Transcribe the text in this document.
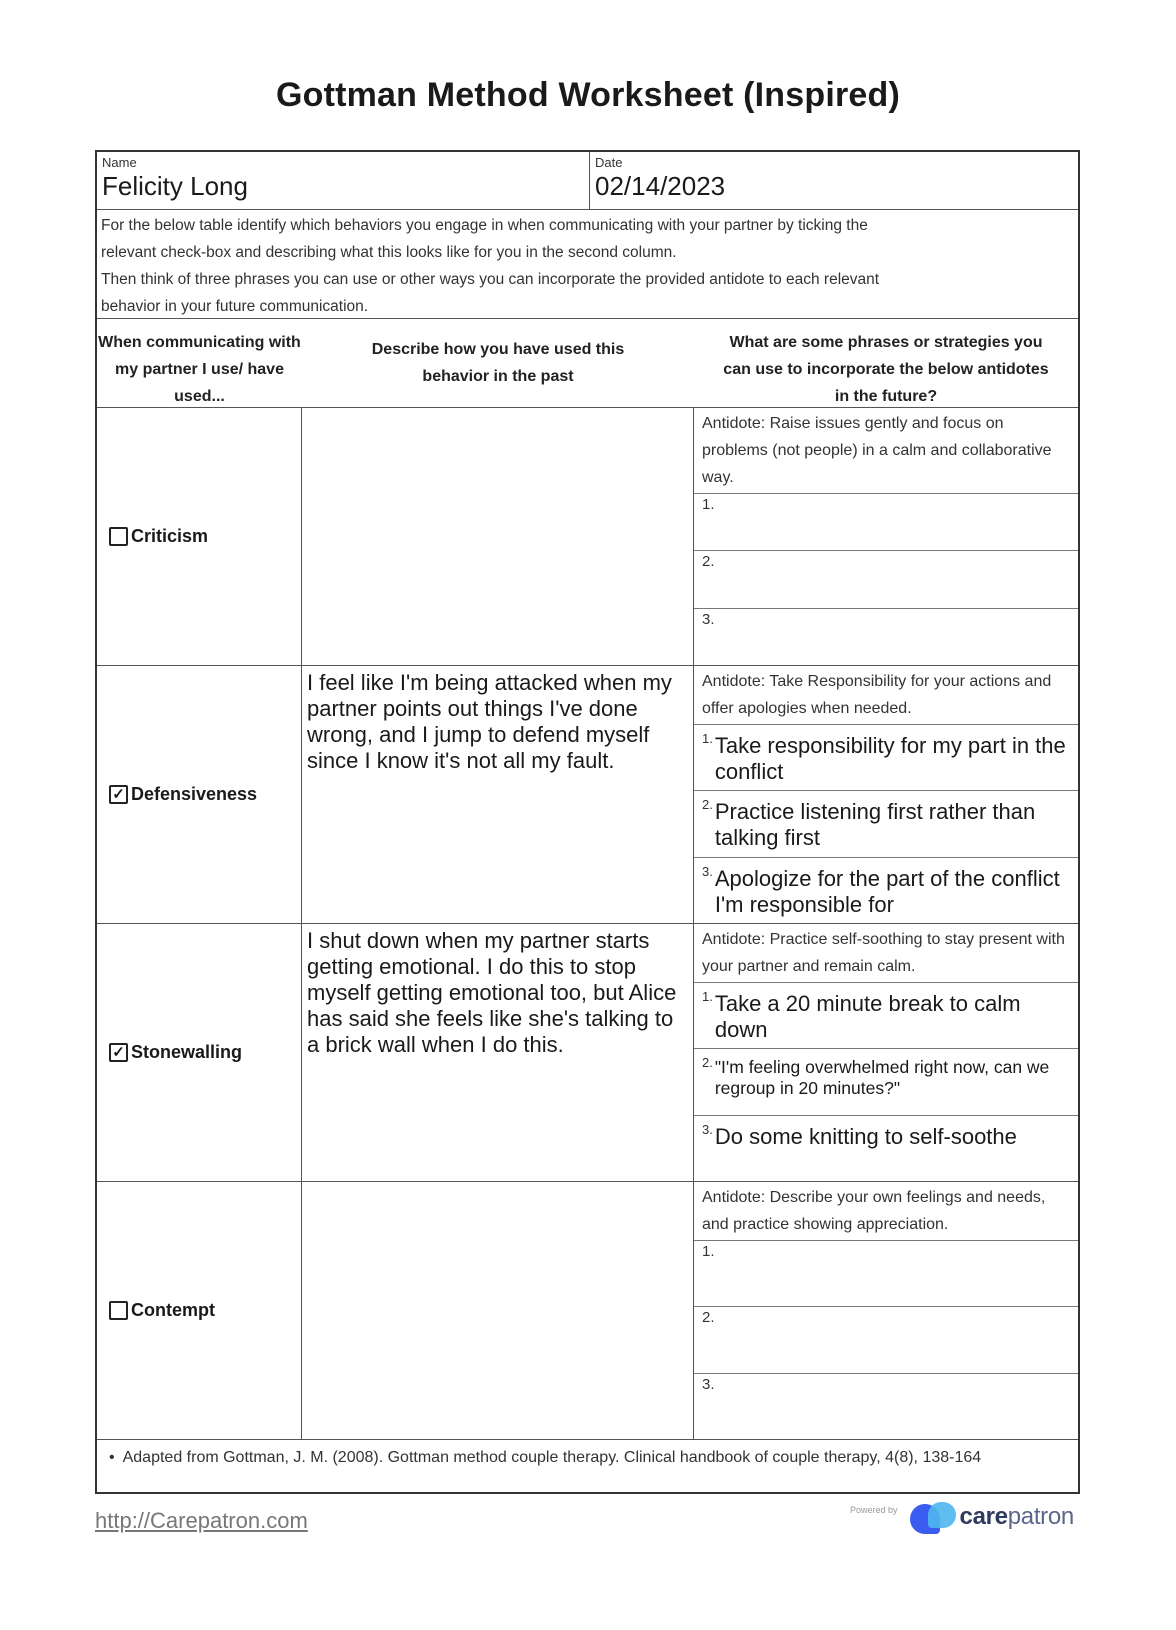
Gottman Method Worksheet (Inspired)
Name
Felicity Long
Date
02/14/2023
For the below table identify which behaviors you engage in when communicating with your partner by ticking the
relevant check-box and describing what this looks like for you in the second column.
Then think of three phrases you can use or other ways you can incorporate the provided antidote to each relevant
behavior in your future communication.
When communicating with my partner I use/ have used...
Describe how you have used this behavior in the past
What are some phrases or strategies you can use to incorporate the below antidotes in the future?
Criticism
Antidote: Raise issues gently and focus on problems (not people) in a calm and collaborative way.
1.
2.
3.
✓ Defensiveness
I feel like I'm being attacked when my partner points out things I've done wrong, and I jump to defend myself since I know it's not all my fault.
Antidote: Take Responsibility for your actions and offer apologies when needed.
1. Take responsibility for my part in the conflict
2. Practice listening first rather than talking first
3. Apologize for the part of the conflict I'm responsible for
✓ Stonewalling
I shut down when my partner starts getting emotional. I do this to stop myself getting emotional too, but Alice has said she feels like she's talking to a brick wall when I do this.
Antidote: Practice self-soothing to stay present with your partner and remain calm.
1. Take a 20 minute break to calm down
2. "I'm feeling overwhelmed right now, can we regroup in 20 minutes?"
3. Do some knitting to self-soothe
Contempt
Antidote: Describe your own feelings and needs, and practice showing appreciation.
1.
2.
3.
• Adapted from Gottman, J. M. (2008). Gottman method couple therapy. Clinical handbook of couple therapy, 4(8), 138-164
http://Carepatron.com	Powered by	carepatron
